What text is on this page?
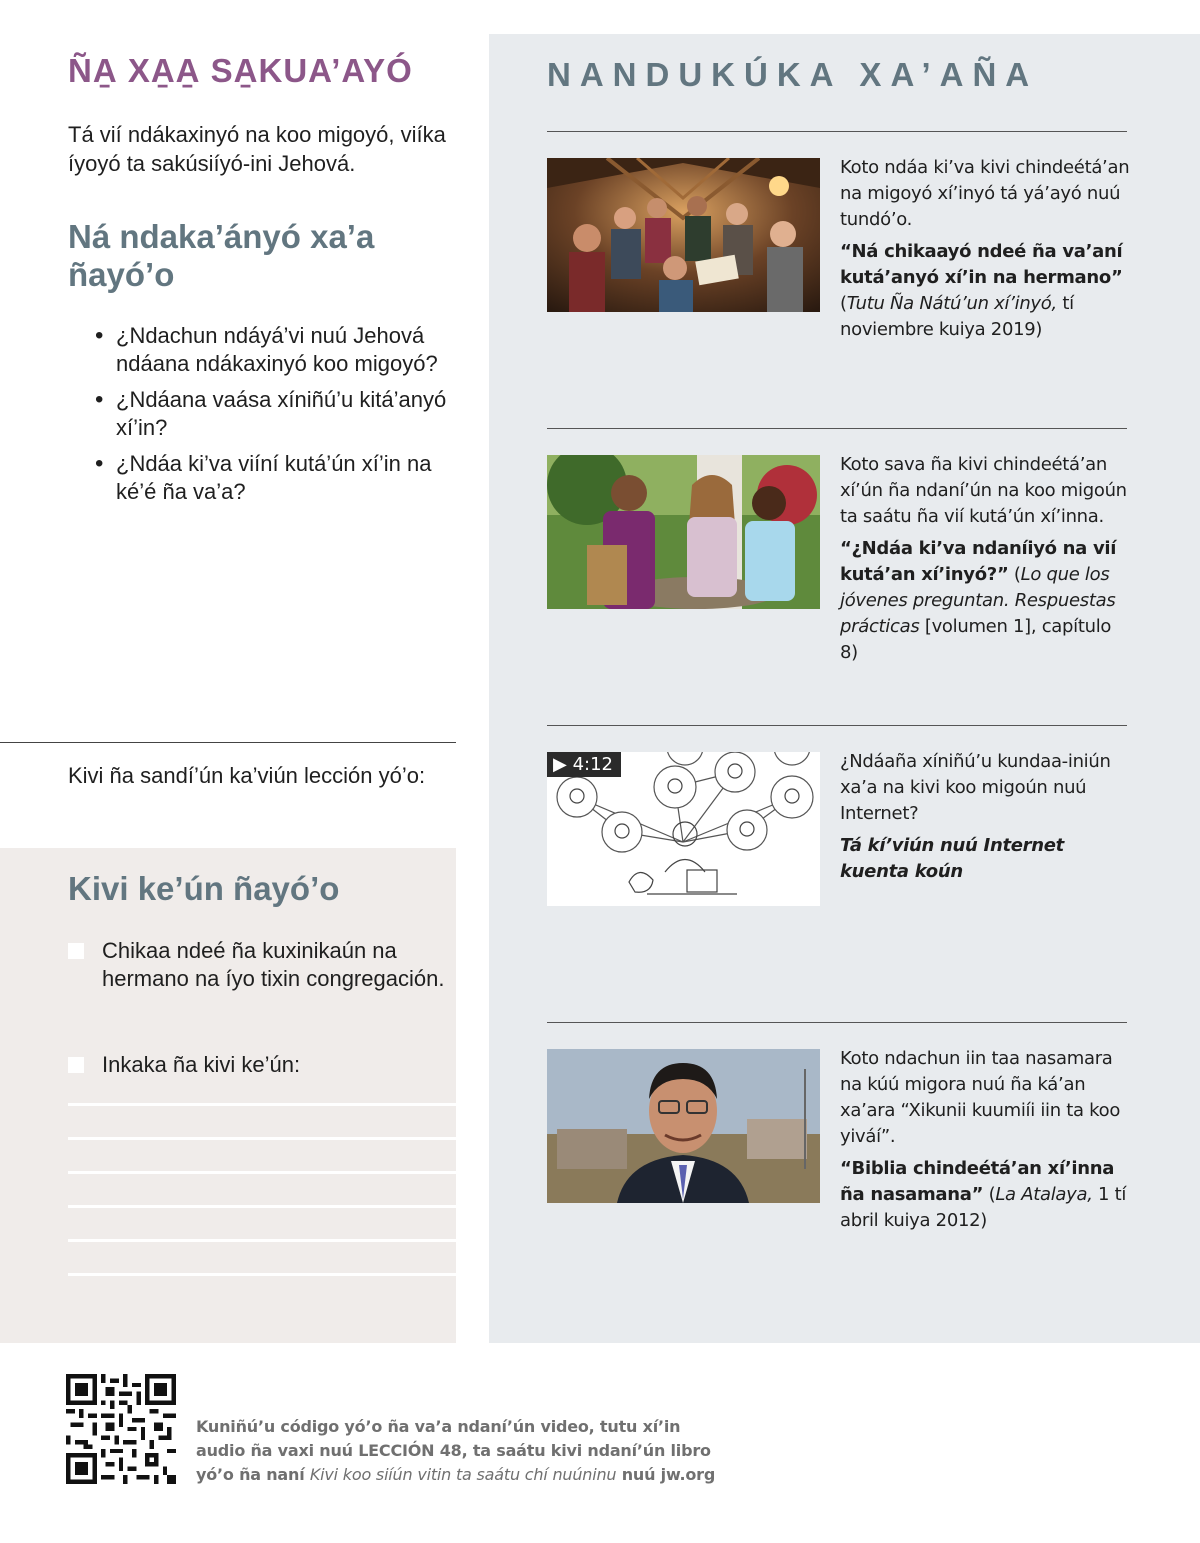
ÑA̱ XA̱A̱ SA̱KUA’AYÓ

Tá vií ndákaxinyó na koo migoyó, viíka íyoyó ta sakúsiíyó-ini Jehová.

Ná ndaka’ányó xa’a ñayó’o
• ¿Ndachun ndáyá’vi nuú Jehová ndáana ndákaxinyó koo migoyó?
• ¿Ndáana vaása xíniñú’u kitá’anyó xí’in?
• ¿Ndáa ki’va viíní kutá’ún xí’in na ké’é ña va’a?

Kivi ña sandí’ún ka’viún lección yó’o:

Kivi ke’ún ñayó’o
Chikaa ndeé ña kuxinikaún na hermano na íyo tixin congregación.
Inkaka ña kivi ke’ún:
NANDUKÚKA XA’AÑA

Koto ndáa ki’va kivi chindeétá’an na migoyó xí’inyó tá yá’ayó nuú tundó’o.

“Ná chikaayó ndeé ña va’aní kutá’anyó xí’in na hermano” (Tutu Ña Nátú’un xí’inyó, tí noviembre kuiya 2019)

Koto sava ña kivi chindeétá’an xí’ún ña ndaní’ún na koo migoún ta saátu ña vií kutá’ún xí’inna.

“¿Ndáa ki’va ndaníiyó na vií kutá’an xí’inyó?” (Lo que los jóvenes preguntan. Respuestas prácticas [volumen 1], capítulo 8)

▶ 4:12	¿Ndáaña xíniñú’u kundaa-iniún xa’a na kivi koo migoún nuú Internet?

Tá kí’viún nuú Internet kuenta koún

Koto ndachun iin taa nasamara na kúú migora nuú ña ká’an xa’ara “Xikunii kuumiíi iin ta koo yiváí”.

“Biblia chindeétá’an xí’inna ña nasamana” (La Atalaya, 1 tí abril kuiya 2012)

Kuniñú’u código yó’o ña va’a ndaní’ún video, tutu xí’in audio ña vaxi nuú LECCIÓN 48, ta saátu kivi ndaní’ún libro yó’o ña naní Kivi koo siíún vitin ta saátu chí nuúninu nuú jw.org
